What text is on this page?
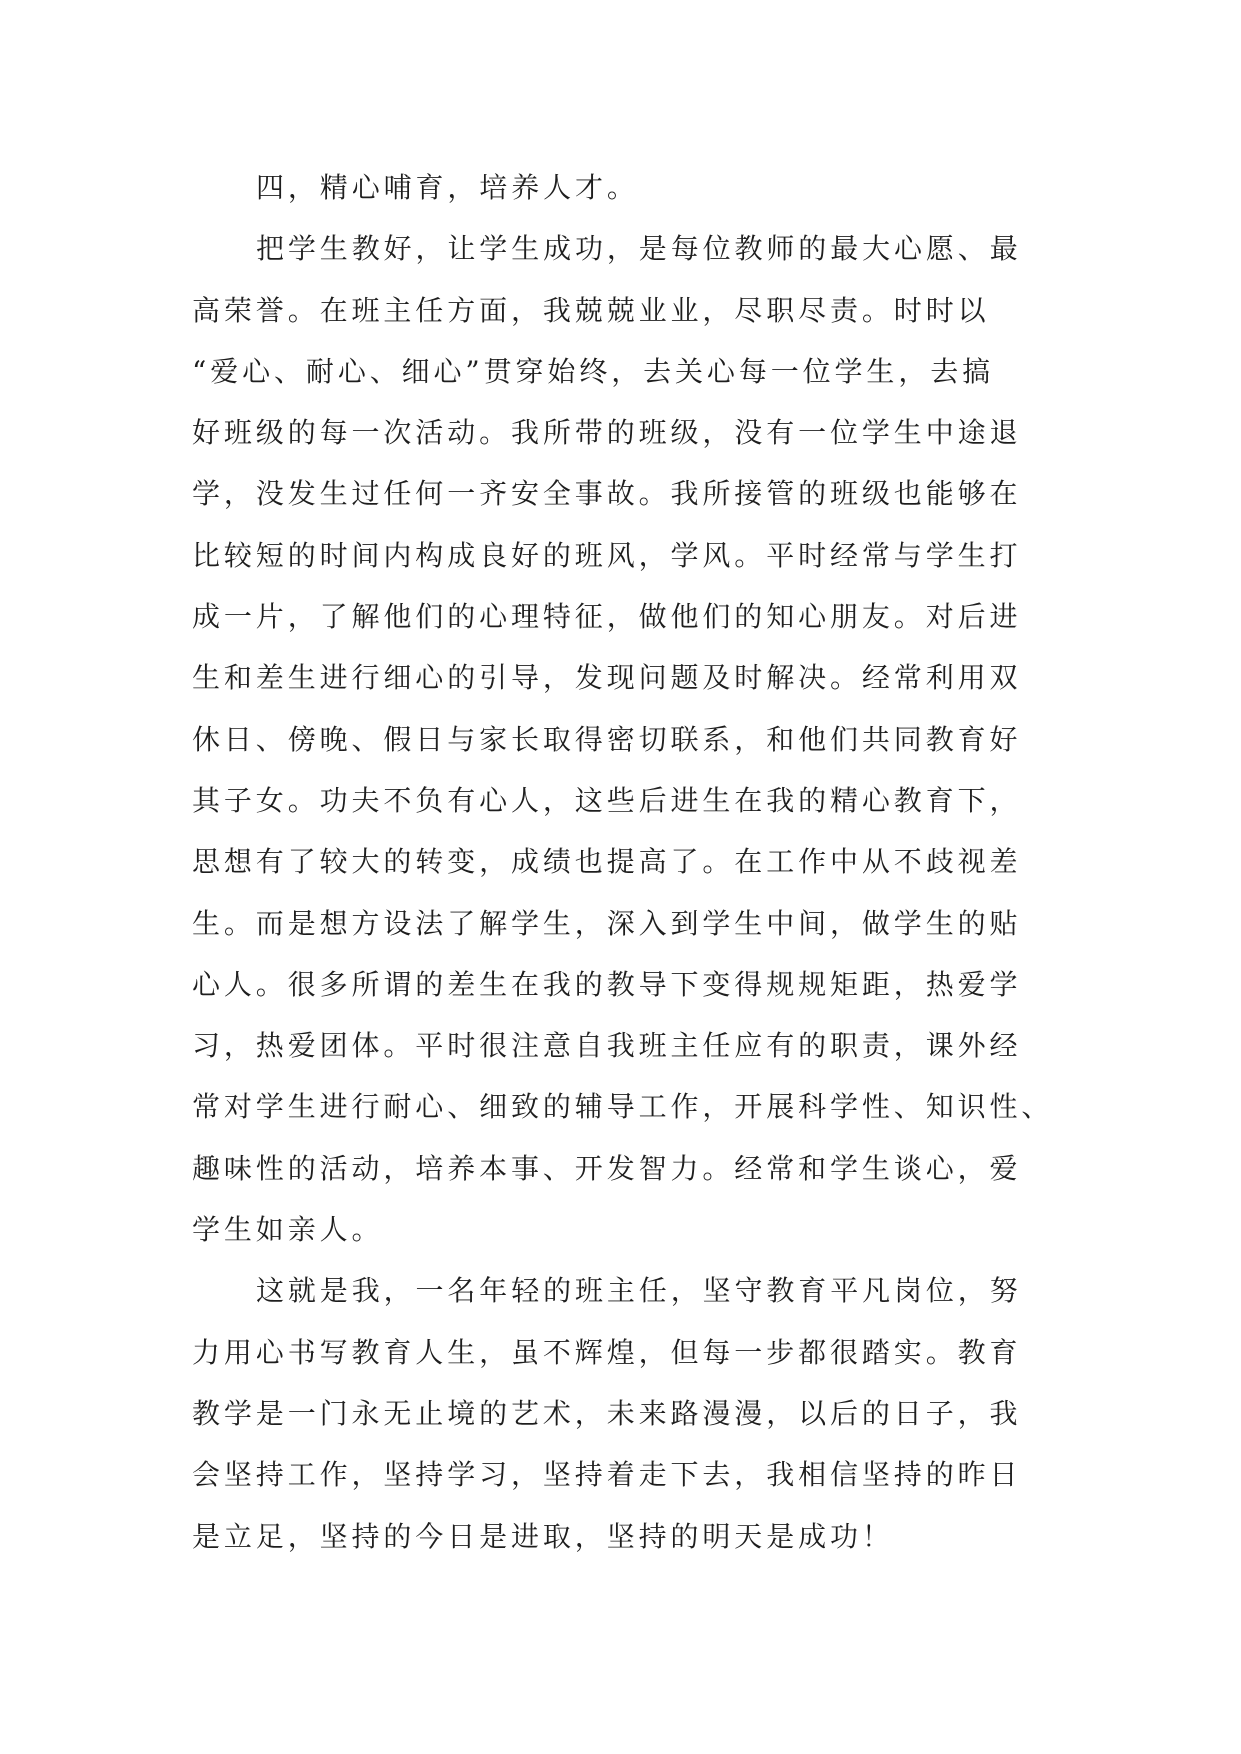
四，精心哺育，培养人才。
把学生教好，让学生成功，是每位教师的最大心愿、最
高荣誉。在班主任方面，我兢兢业业，尽职尽责。时时以
“爱心、耐心、细心”贯穿始终，去关心每一位学生，去搞
好班级的每一次活动。我所带的班级，没有一位学生中途退
学，没发生过任何一齐安全事故。我所接管的班级也能够在
比较短的时间内构成良好的班风，学风。平时经常与学生打
成一片，了解他们的心理特征，做他们的知心朋友。对后进
生和差生进行细心的引导，发现问题及时解决。经常利用双
休日、傍晚、假日与家长取得密切联系，和他们共同教育好
其子女。功夫不负有心人，这些后进生在我的精心教育下，
思想有了较大的转变，成绩也提高了。在工作中从不歧视差
生。而是想方设法了解学生，深入到学生中间，做学生的贴
心人。很多所谓的差生在我的教导下变得规规矩距，热爱学
习，热爱团体。平时很注意自我班主任应有的职责，课外经
常对学生进行耐心、细致的辅导工作，开展科学性、知识性、
趣味性的活动，培养本事、开发智力。经常和学生谈心，爱
学生如亲人。
这就是我，一名年轻的班主任，坚守教育平凡岗位，努
力用心书写教育人生，虽不辉煌，但每一步都很踏实。教育
教学是一门永无止境的艺术，未来路漫漫，以后的日子，我
会坚持工作，坚持学习，坚持着走下去，我相信坚持的昨日
是立足，坚持的今日是进取，坚持的明天是成功！
